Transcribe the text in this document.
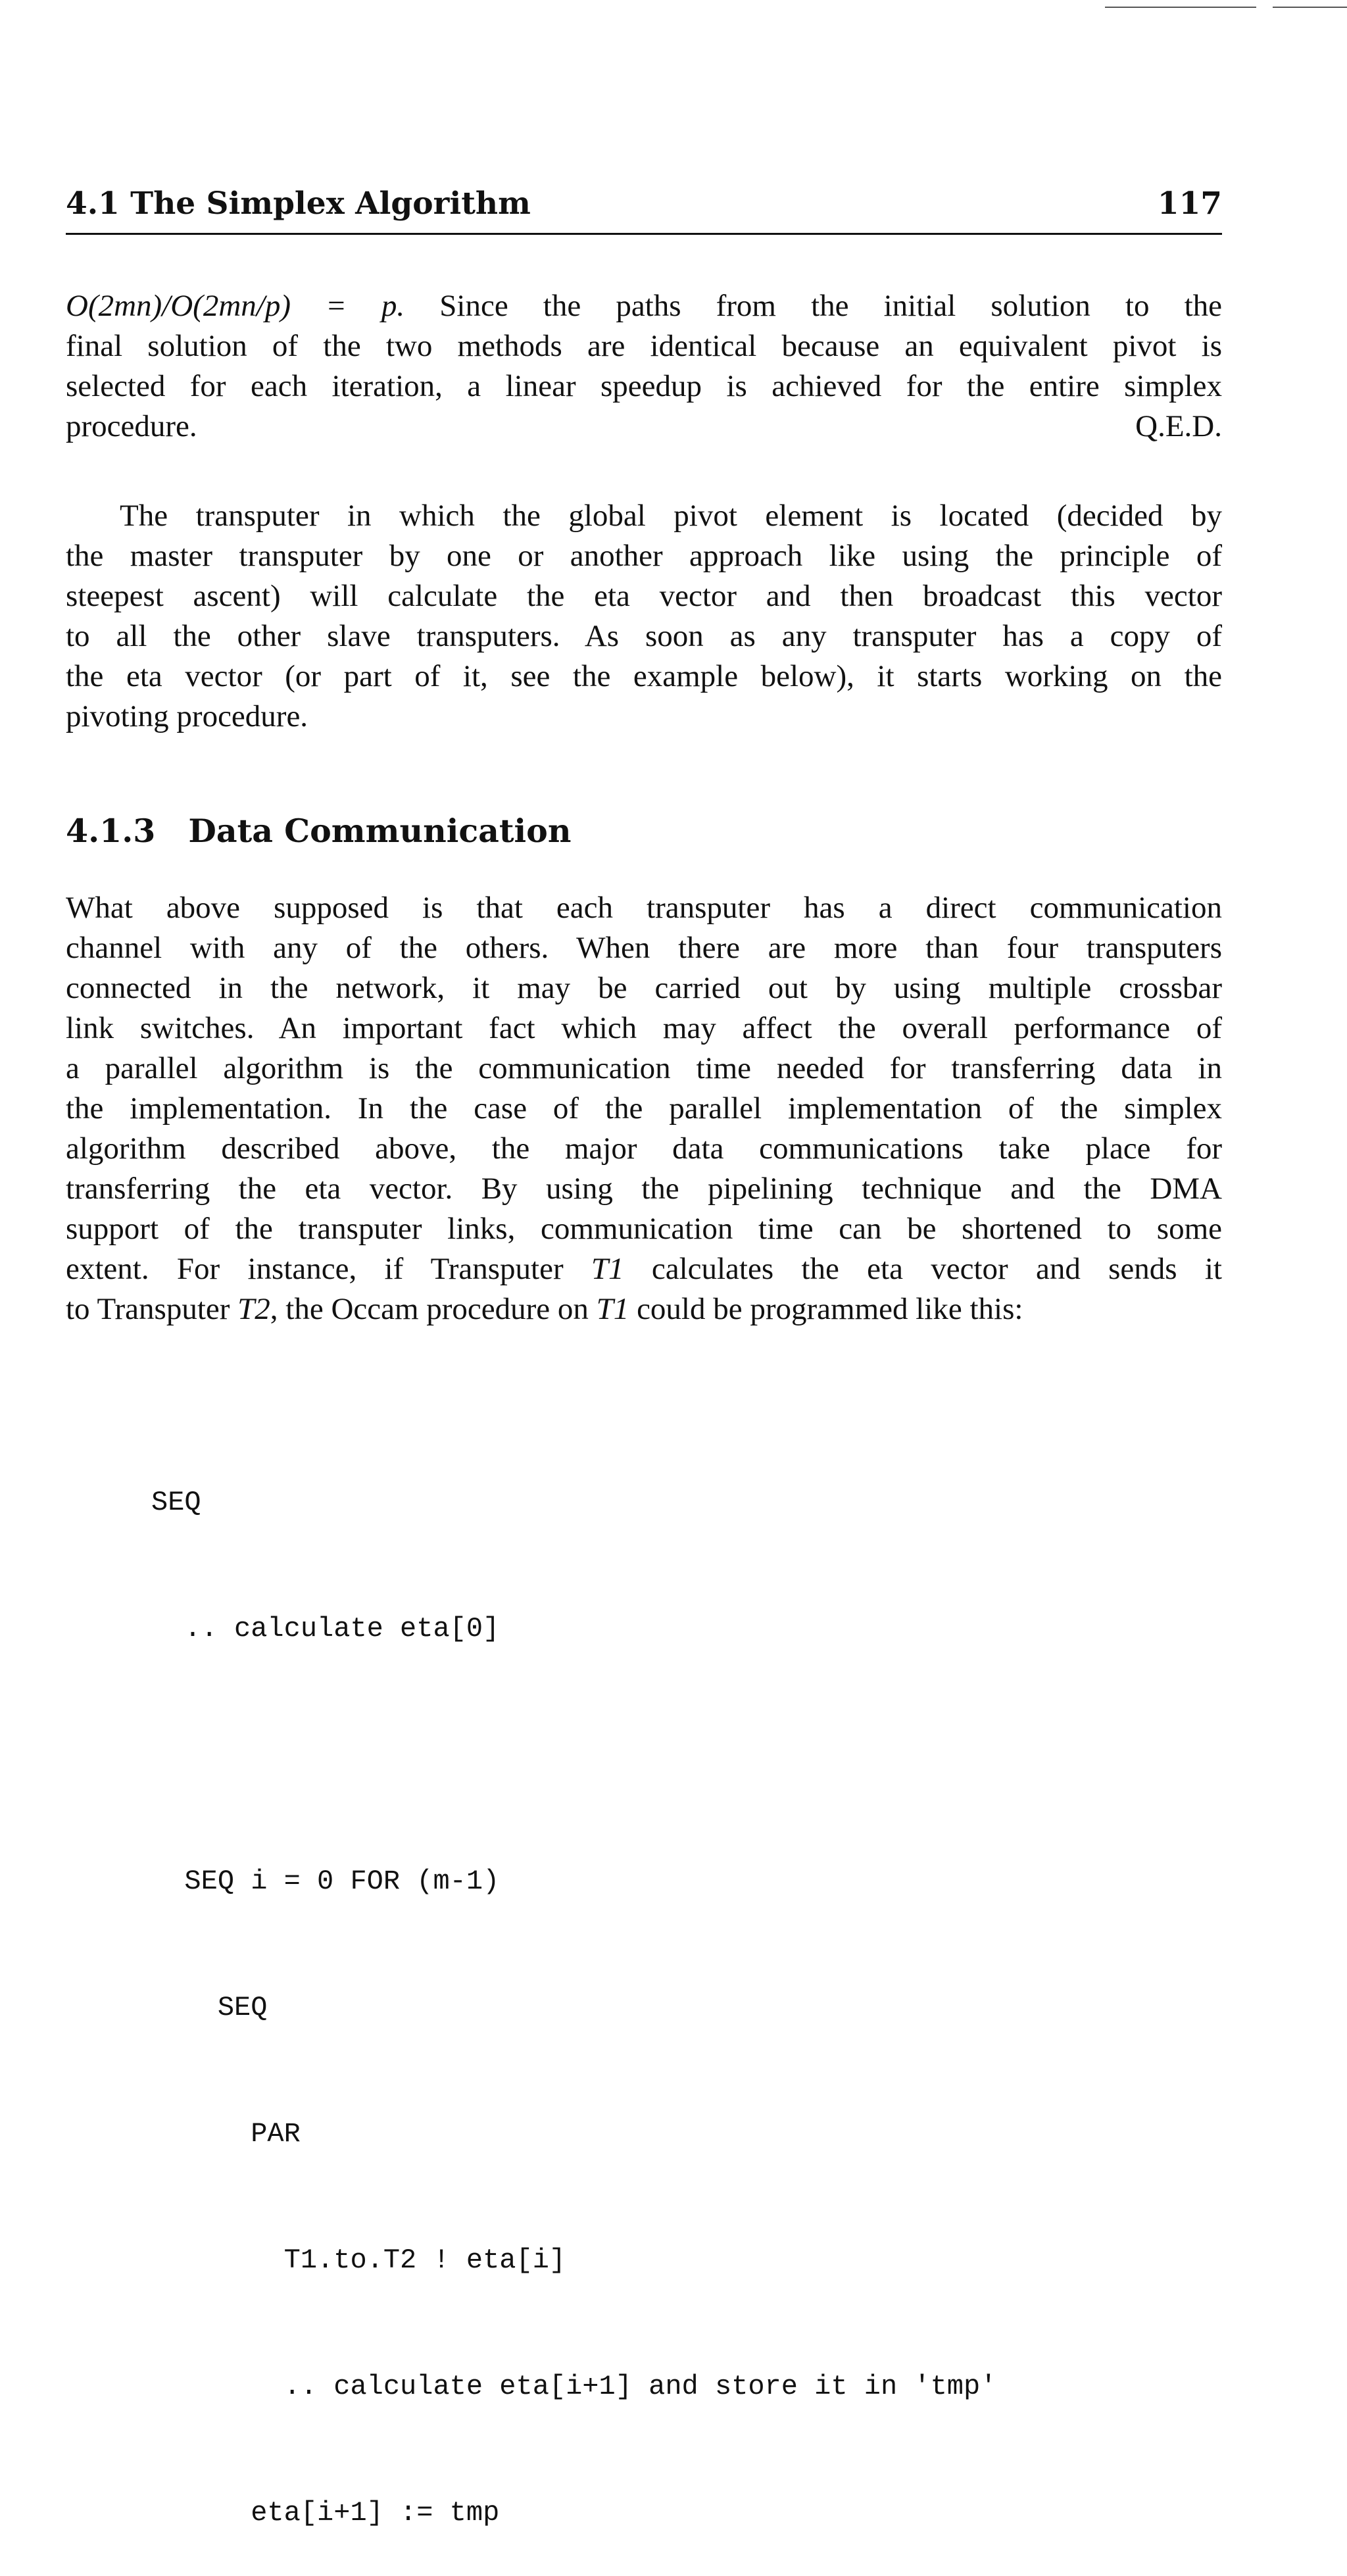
4.1 The Simplex Algorithm	117
O(2mn)/O(2mn/p) = p. Since the paths from the initial solution to the
final solution of the two methods are identical because an equivalent pivot is
selected for each iteration, a linear speedup is achieved for the entire simplex
procedure.	Q.E.D.
The transputer in which the global pivot element is located (decided by
the master transputer by one or another approach like using the principle of
steepest ascent) will calculate the eta vector and then broadcast this vector
to all the other slave transputers. As soon as any transputer has a copy of
the eta vector (or part of it, see the example below), it starts working on the
pivoting procedure.
4.1.3 Data Communication
What above supposed is that each transputer has a direct communication
channel with any of the others. When there are more than four transputers
connected in the network, it may be carried out by using multiple crossbar
link switches. An important fact which may affect the overall performance of
a parallel algorithm is the communication time needed for transferring data in
the implementation. In the case of the parallel implementation of the simplex
algorithm described above, the major data communications take place for
transferring the eta vector. By using the pipelining technique and the DMA
support of the transputer links, communication time can be shortened to some
extent. For instance, if Transputer T1 calculates the eta vector and sends it
to Transputer T2, the Occam procedure on T1 could be programmed like this:

SEQ

.. calculate eta[0]

SEQ i = 0 FOR (m-1)

SEQ

PAR

T1.to.T2 ! eta[i]

.. calculate eta[i+1] and store it in 'tmp'

eta[i+1] := tmp
